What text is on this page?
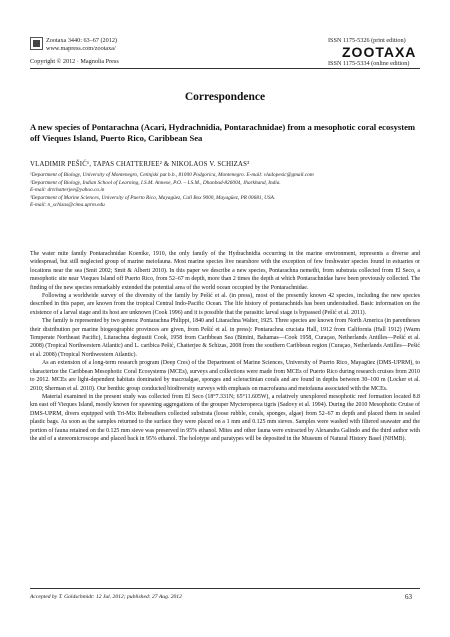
Zootaxa 3440: 63–67 (2012)
www.mapress.com/zootaxa/
Copyright © 2012 · Magnolia Press
ISSN 1175-5326 (print edition)
ZOOTAXA
ISSN 1175-5334 (online edition)
Correspondence
A new species of Pontarachna (Acari, Hydrachnidia, Pontarachnidae) from a mesophotic coral ecosystem off Vieques Island, Puerto Rico, Caribbean Sea
VLADIMIR PEŠIĆ¹, TAPAS CHATTERJEE² & NIKOLAOS V. SCHIZAS³

¹Department of Biology, University of Montenegro, Cetinjski put b.b., 81000 Podgorica, Montenegro. E-mail: vladopesic@gmail.com

²Department of Biology, Indian School of Learning, I.S.M. Annexe, P.O. – I.S.M., Dhanbad-826004, Jharkhand, India.

E-mail: drtchatterjee@yahoo.co.in

³Department of Marine Sciences, University of Puerto Rico, Mayagüez, Call Box 9000, Mayagüez, PR 00681, USA.

E-mail: n_schizas@cima.uprm.edu

The water mite family Pontarachnidae Koenike, 1910, the only family of the Hydrachnidia occurring in the marine environment, represents a diverse and widespread, but still neglected group of marine meiofauna. Most marine species live nearshore with the exception of few freshwater species found in estuaries or locations near the sea (Smit 2002; Smit & Alberti 2010). In this paper we describe a new species, Pontarachna nemethi, from substrata collected from El Seco, a mesophotic site near Vieques Island off Puerto Rico, from 52–67 m depth, more than 2 times the depth at which Pontarachnidae have been previously collected. The finding of the new species remarkably extended the potential area of the world ocean occupied by the Pontarachnidae.

Following a worldwide survey of the diversity of the family by Pešić et al. (in press), most of the presently known 42 species, including the new species described in this paper, are known from the tropical Central Indo-Pacific Ocean. The life history of pontarachnids has been understudied. Basic information on the existence of a larval stage and its host are unknown (Cook 1996) and it is possible that the parasitic larval stage is bypassed (Pešić et al. 2011).

The family is represented by two genera: Pontarachna Philippi, 1840 and Litarachna Walter, 1925. Three species are known from North America (in parentheses their distribution per marine biogeographic provinces are given, from Pešić et al. in press): Pontarachna cruciata Hall, 1912 from California (Hall 1912) (Warm Temperate Northeast Pacific), Litarachna degiustii Cook, 1958 from Caribbean Sea (Bimini, Bahamas—Cook 1958, Curaçao, Netherlands Antilles—Pešić et al. 2008) (Tropical Northwestern Atlantic) and L. caribica Pešić, Chatterjee & Schizas, 2008 from the southern Caribbean region (Curaçao, Netherlands Antilles—Pešić et al. 2008) (Tropical Northwestern Atlantic).

As an extension of a long-term research program (Deep Cres) of the Department of Marine Sciences, University of Puerto Rico, Mayagüez (DMS-UPRM), to characterize the Caribbean Mesophotic Coral Ecosystems (MCEs), surveys and collections were made from MCEs of Puerto Rico during research cruises from 2010 to 2012. MCEs are light-dependent habitats dominated by macroalgae, sponges and scleractinian corals and are found in depths between 30–100 m (Locker et al. 2010; Sherman et al. 2010). Our benthic group conducted biodiversity surveys with emphasis on macrofauna and meiofauna associated with the MCEs.

Material examined in the present study was collected from El Seco (18°7.331N; 65°11.605W), a relatively unexplored mesophotic reef formation located 8.8 km east off Vieques Island, mostly known for spawning aggregations of the grouper Mycteroperca tigris (Sadovy et al. 1994). During the 2010 Mesophotic Cruise of DMS-UPRM, divers equipped with Tri-Mix Rebreathers collected substrata (loose rubble, corals, sponges, algae) from 52–67 m depth and placed them in sealed plastic bags. As soon as the samples returned to the surface they were placed on a 1 mm and 0.125 mm sieves. Samples were washed with filtered seawater and the portion of fauna retained on the 0.125 mm sieve was preserved in 95% ethanol. Mites and other fauna were extracted by Alexandra Galindo and the third author with the aid of a stereomicroscope and placed back in 95% ethanol. The holotype and paratypes will be deposited in the Museum of Natural History Basel (NHMB).

Accepted by T. Goldschmidt: 12 Jul. 2012; published: 27 Aug. 2012	63
